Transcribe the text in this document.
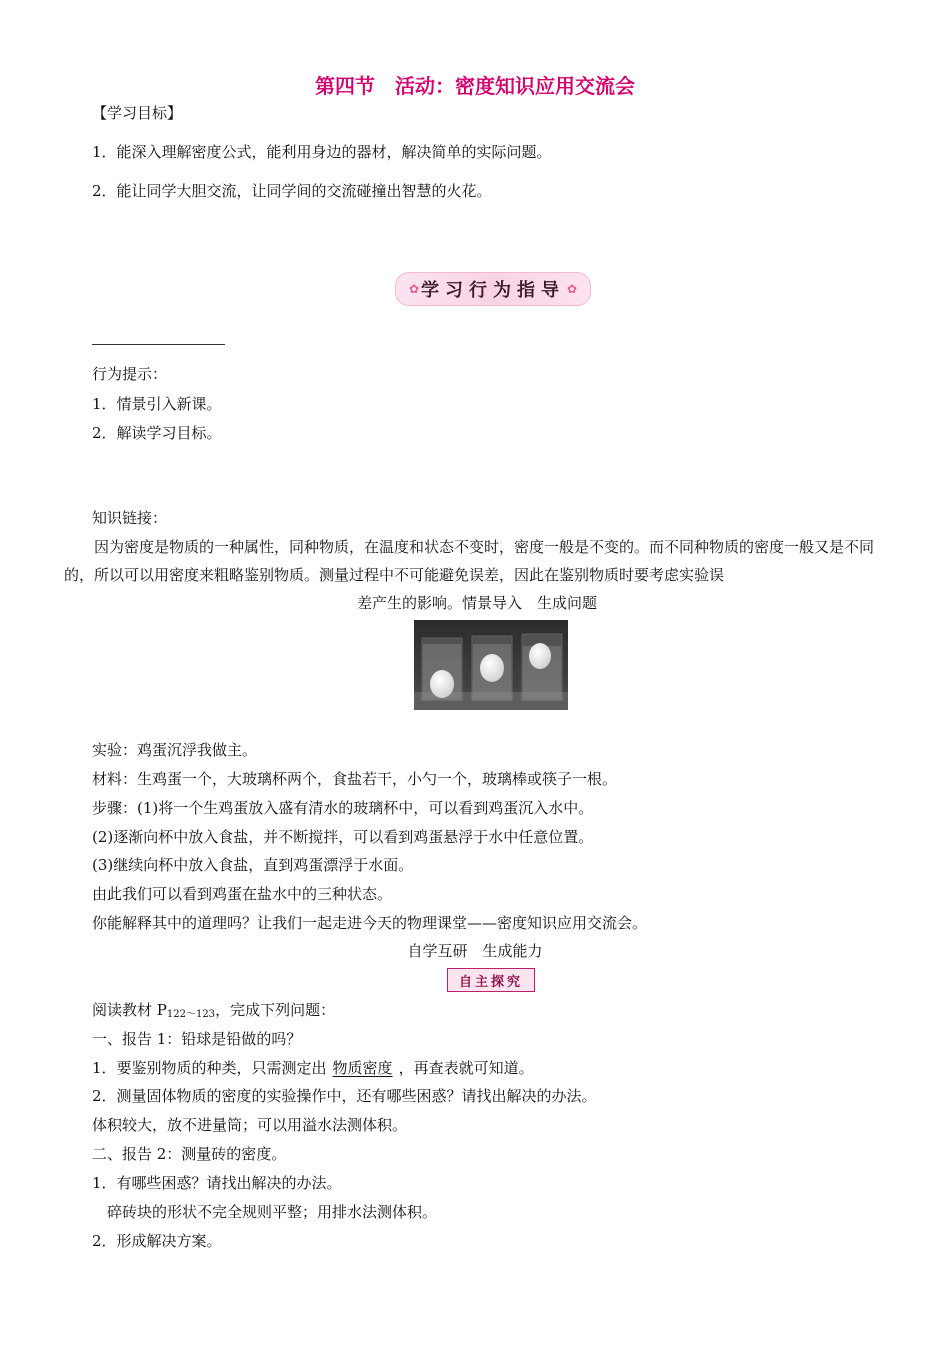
第四节　活动：密度知识应用交流会
【学习目标】
1．能深入理解密度公式，能利用身边的器材，解决简单的实际问题。
2．能让同学大胆交流，让同学间的交流碰撞出智慧的火花。
✿ 学 习 行 为 指 导 ✿
行为提示：
1．情景引入新课。
2．解读学习目标。
知识链接：
因为密度是物质的一种属性，同种物质，在温度和状态不变时，密度一般是不变的。而不同种物质的密度一般又是不同的，所以可以用密度来粗略鉴别物质。测量过程中不可能避免误差，因此在鉴别物质时要考虑实验误
差产生的影响。情景导入　生成问题
实验：鸡蛋沉浮我做主。
材料：生鸡蛋一个，大玻璃杯两个，食盐若干，小勺一个，玻璃棒或筷子一根。
步骤：(1)将一个生鸡蛋放入盛有清水的玻璃杯中，可以看到鸡蛋沉入水中。
(2)逐渐向杯中放入食盐，并不断搅拌，可以看到鸡蛋悬浮于水中任意位置。
(3)继续向杯中放入食盐，直到鸡蛋漂浮于水面。
由此我们可以看到鸡蛋在盐水中的三种状态。
你能解释其中的道理吗？让我们一起走进今天的物理课堂——密度知识应用交流会。
自学互研　生成能力
自主探究
阅读教材 $P_{122\sim 123}$，完成下列问题：
一、报告 1：铅球是铅做的吗？
1．要鉴别物质的种类，只需测定出 物质密度 ，再查表就可知道。
2．测量固体物质的密度的实验操作中，还有哪些困惑？请找出解决的办法。
体积较大，放不进量筒；可以用溢水法测体积。
二、报告 2：测量砖的密度。
1．有哪些困惑？请找出解决的办法。
碎砖块的形状不完全规则平整；用排水法测体积。
2．形成解决方案。
